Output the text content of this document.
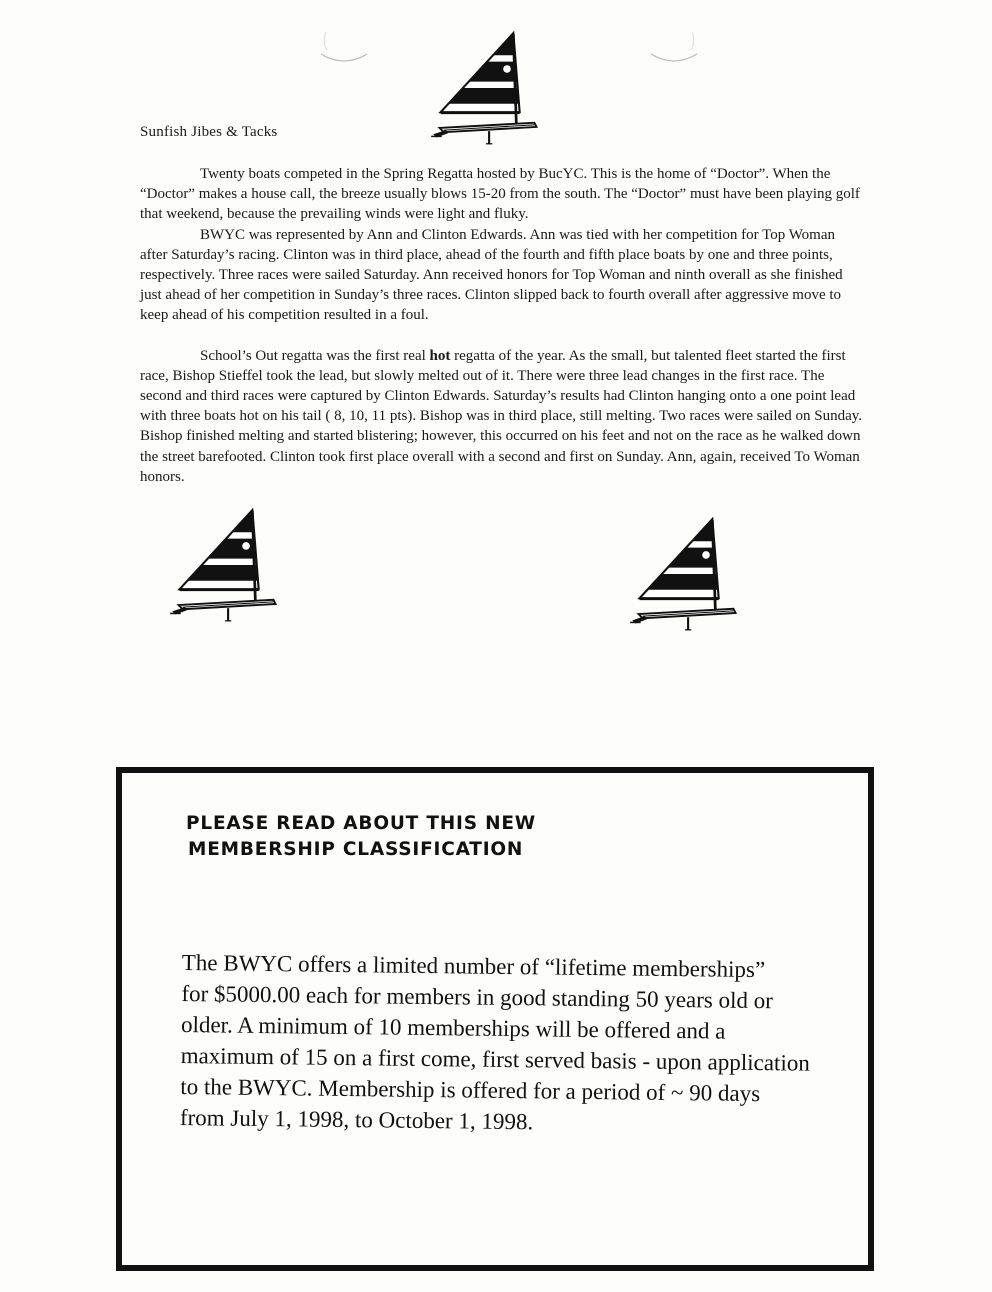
Sunfish Jibes & Tacks

Twenty boats competed in the Spring Regatta hosted by BucYC. This is the home of “Doctor”. When the “Doctor” makes a house call, the breeze usually blows 15-20 from the south. The “Doctor” must have been playing golf that weekend, because the prevailing winds were light and fluky.

BWYC was represented by Ann and Clinton Edwards. Ann was tied with her competition for Top Woman after Saturday’s racing. Clinton was in third place, ahead of the fourth and fifth place boats by one and three points, respectively. Three races were sailed Saturday. Ann received honors for Top Woman and ninth overall as she finished just ahead of her competition in Sunday’s three races. Clinton slipped back to fourth overall after aggressive move to keep ahead of his competition resulted in a foul.

School’s Out regatta was the first real hot regatta of the year. As the small, but talented fleet started the first race, Bishop Stieffel took the lead, but slowly melted out of it. There were three lead changes in the first race. The second and third races were captured by Clinton Edwards. Saturday’s results had Clinton hanging onto a one point lead with three boats hot on his tail ( 8, 10, 11 pts). Bishop was in third place, still melting. Two races were sailed on Sunday. Bishop finished melting and started blistering; however, this occurred on his feet and not on the race as he walked down the street barefooted. Clinton took first place overall with a second and first on Sunday. Ann, again, received To Woman honors.

PLEASE READ ABOUT THIS NEW
MEMBERSHIP CLASSIFICATION
The BWYC offers a limited number of “lifetime memberships”
for $5000.00 each for members in good standing 50 years old or
older. A minimum of 10 memberships will be offered and a
maximum of 15 on a first come, first served basis - upon application
to the BWYC. Membership is offered for a period of ~ 90 days
from July 1, 1998, to October 1, 1998.
